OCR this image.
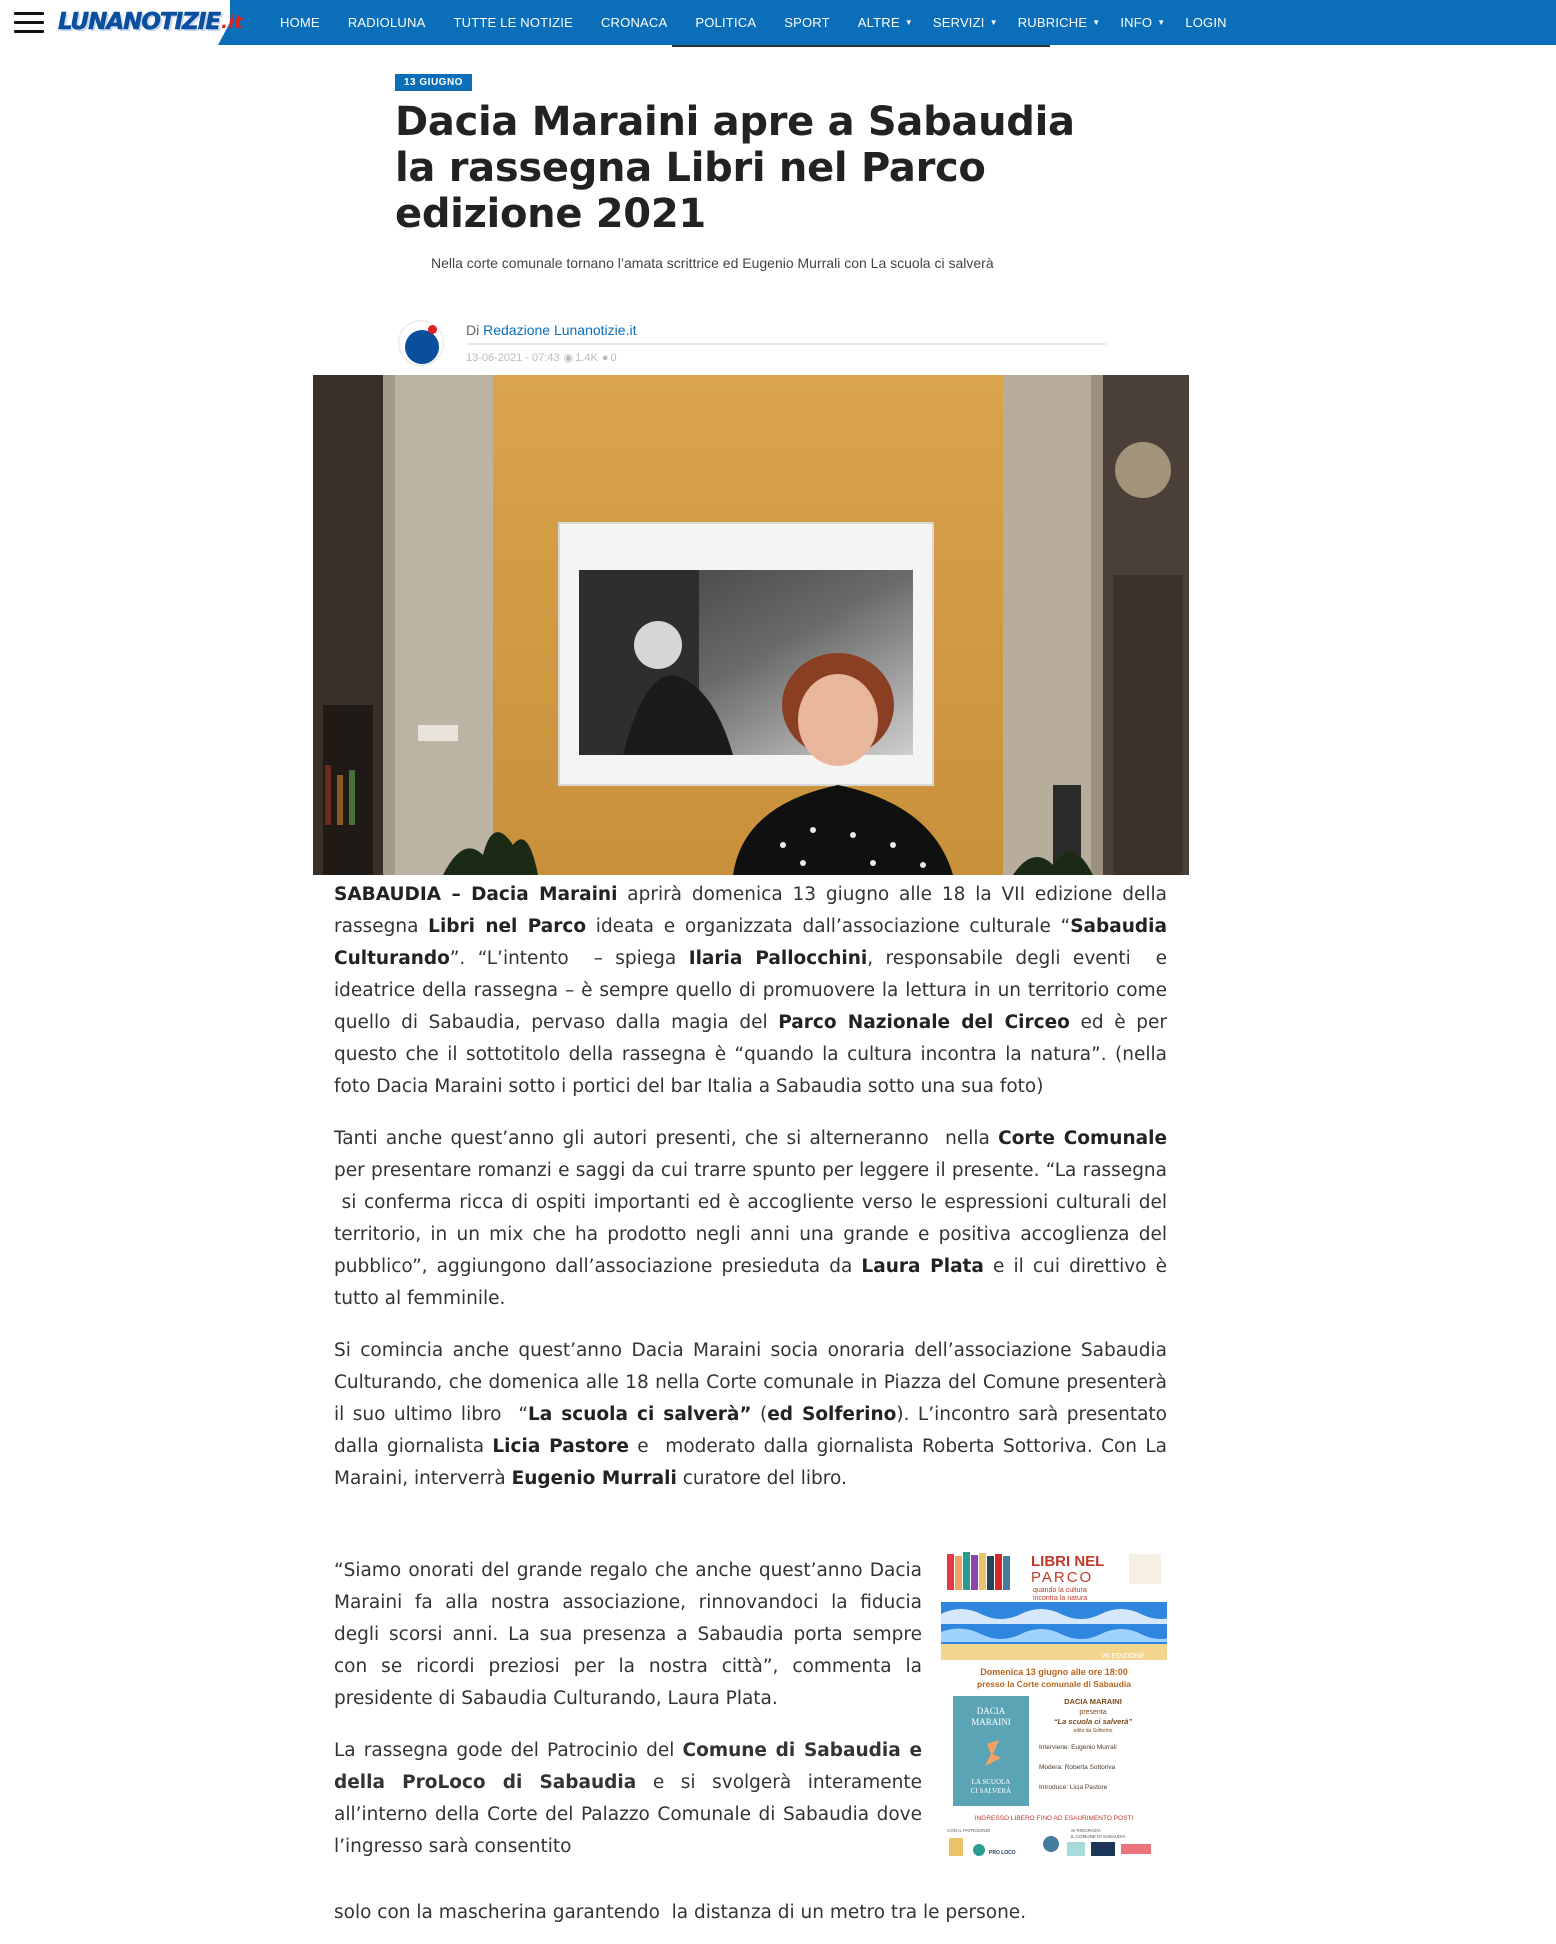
LUNANOTIZIE .it	HOME RADIOLUNA TUTTE LE NOTIZIE CRONACA POLITICA SPORT ALTRE ▼ SERVIZI ▼ RUBRICHE ▼ INFO ▼ LOGIN
13 GIUGNO
Dacia Maraini apre a Sabaudia la rassegna Libri nel Parco edizione 2021
Nella corte comunale tornano l’amata scrittrice ed Eugenio Murrali con La scuola ci salverà
Di Redazione Lunanotizie.it
13-06-2021 - 07:43 ◉ 1.4K ● 0

SABAUDIA – Dacia Maraini aprirà domenica 13 giugno alle 18 la VII edizione della rassegna Libri nel Parco ideata e organizzata dall’associazione culturale “Sabaudia Culturando”. “L’intento  – spiega Ilaria Pallocchini, responsabile degli eventi  e ideatrice della rassegna – è sempre quello di promuovere la lettura in un territorio come quello di Sabaudia, pervaso dalla magia del Parco Nazionale del Circeo ed è per questo che il sottotitolo della rassegna è “quando la cultura incontra la natura”. (nella foto Dacia Maraini sotto i portici del bar Italia a Sabaudia sotto una sua foto)

Tanti anche quest’anno gli autori presenti, che si alterneranno  nella Corte Comunale per presentare romanzi e saggi da cui trarre spunto per leggere il presente. “La rassegna  si conferma ricca di ospiti importanti ed è accogliente verso le espressioni culturali del territorio, in un mix che ha prodotto negli anni una grande e positiva accoglienza del pubblico”, aggiungono dall’associazione presieduta da Laura Plata e il cui direttivo è tutto al femminile.

Si comincia anche quest’anno Dacia Maraini socia onoraria dell’associazione Sabaudia Culturando, che domenica alle 18 nella Corte comunale in Piazza del Comune presenterà il suo ultimo libro  “La scuola ci salverà” (ed Solferino). L’incontro sarà presentato dalla giornalista Licia Pastore e  moderato dalla giornalista Roberta Sottoriva. Con La Maraini, interverrà Eugenio Murrali curatore del libro.

“Siamo onorati del grande regalo che anche quest’anno Dacia Maraini fa alla nostra associazione, rinnovandoci la fiducia degli scorsi anni. La sua presenza a Sabaudia porta sempre con se ricordi preziosi per la nostra città”, commenta la presidente di Sabaudia Culturando, Laura Plata.

La rassegna gode del Patrocinio del Comune di Sabaudia e della ProLoco di Sabaudia e si svolgerà interamente all’interno della Corte del Palazzo Comunale di Sabaudia dove l’ingresso sarà consentito

solo con la mascherina garantendo  la distanza di un metro tra le persone.
LIBRI NEL
PARCO
quando la cultura
incontra la natura
VII EDIZIONE
Domenica 13 giugno alle ore 18:00
presso la Corte comunale di Sabaudia
DACIA
MARAINI
LA SCUOLA
CI SALVERÀ
DACIA MARAINI
presenta
“La scuola ci salverà”
edito da Solferino
Interviene: Eugenio Murrali
Modera: Roberta Sottoriva
Introduce: Licia Pastore
INGRESSO LIBERO FINO AD ESAURIMENTO POSTI
CON IL PATROCINIO	SI RINGRAZIA
IL COMUNE DI SABAUDIA
PRO LOCO
